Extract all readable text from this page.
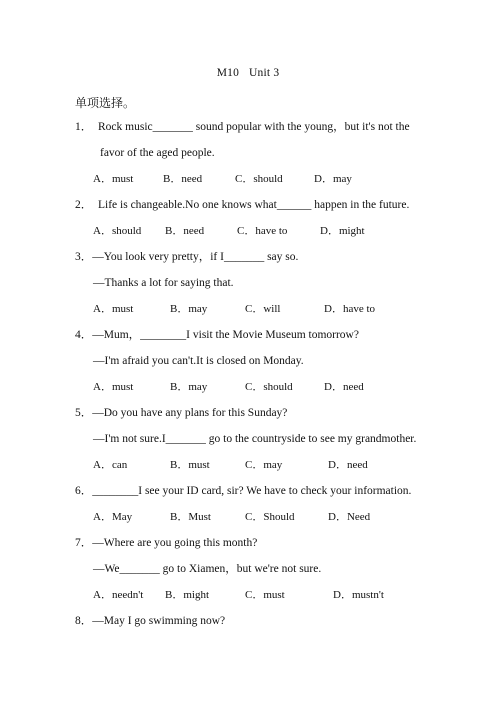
M10 Unit 3
单项选择。
1．　Rock music_______ sound popular with the young，but it's not the
favor of the aged people.
A．must	B．need	C．should	D．may
2．　Life is changeable.No one knows what______ happen in the future.
A．should B．need	C．have to	D．might
3．—You look very pretty，if I_______ say so.
—Thanks a lot for saying that.
A．must	B．may	C．will	D．have to
4．—Mum，________I visit the Movie Museum tomorrow?
—I'm afraid you can't.It is closed on Monday.
A．must	B．may	C．should	D．need
5．—Do you have any plans for this Sunday?
—I'm not sure.I_______ go to the countryside to see my grandmother.
A．can	B．must	C．may	D．need
6．________I see your ID card, sir? We have to check your information.
A．May	B．Must	C．Should	D．Need
7．—Where are you going this month?
—We_______ go to Xiamen，but we're not sure.
A．needn't B．might	C．must	D．mustn't
8．—May I go swimming now?
